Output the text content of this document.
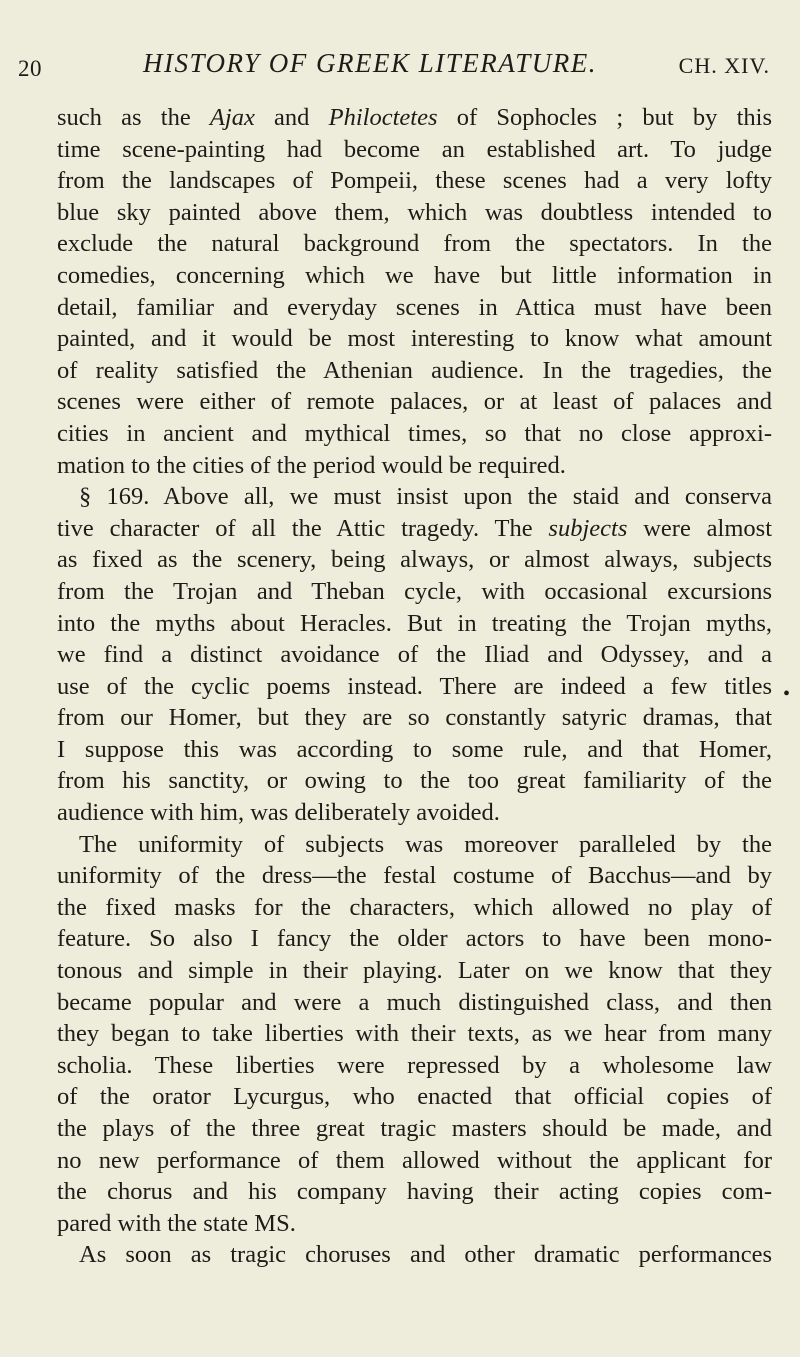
20	HISTORY OF GREEK LITERATURE.	CH. XIV.
such as the Ajax and Philoctetes of Sophocles ; but by this
time scene-painting had become an established art. To judge
from the landscapes of Pompeii, these scenes had a very lofty
blue sky painted above them, which was doubtless intended to
exclude the natural background from the spectators. In the
comedies, concerning which we have but little information in
detail, familiar and everyday scenes in Attica must have been
painted, and it would be most interesting to know what amount
of reality satisfied the Athenian audience. In the tragedies, the
scenes were either of remote palaces, or at least of palaces and
cities in ancient and mythical times, so that no close approxi-
mation to the cities of the period would be required.
§ 169. Above all, we must insist upon the staid and conserva
tive character of all the Attic tragedy. The subjects were almost
as fixed as the scenery, being always, or almost always, subjects
from the Trojan and Theban cycle, with occasional excursions
into the myths about Heracles. But in treating the Trojan myths,
we find a distinct avoidance of the Iliad and Odyssey, and a
use of the cyclic poems instead. There are indeed a few titles
from our Homer, but they are so constantly satyric dramas, that
I suppose this was according to some rule, and that Homer,
from his sanctity, or owing to the too great familiarity of the
audience with him, was deliberately avoided.
The uniformity of subjects was moreover paralleled by the
uniformity of the dress—the festal costume of Bacchus—and by
the fixed masks for the characters, which allowed no play of
feature. So also I fancy the older actors to have been mono-
tonous and simple in their playing. Later on we know that they
became popular and were a much distinguished class, and then
they began to take liberties with their texts, as we hear from many
scholia. These liberties were repressed by a wholesome law
of the orator Lycurgus, who enacted that official copies of
the plays of the three great tragic masters should be made, and
no new performance of them allowed without the applicant for
the chorus and his company having their acting copies com-
pared with the state MS.
As soon as tragic choruses and other dramatic performances
•
